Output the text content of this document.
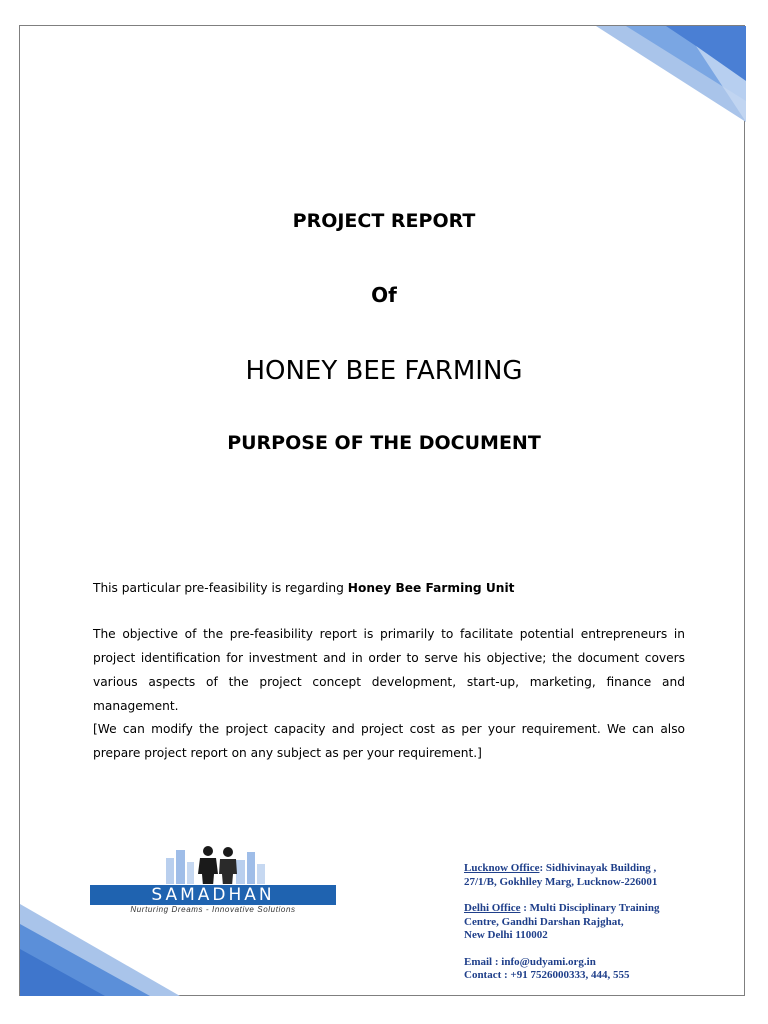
PROJECT REPORT
Of
HONEY BEE FARMING
PURPOSE OF THE DOCUMENT

This particular pre-feasibility is regarding Honey Bee Farming Unit

The objective of the pre-feasibility report is primarily to facilitate potential entrepreneurs in project identification for investment and in order to serve his objective; the document covers various aspects of the project concept development, start-up, marketing, finance and management.

[We can modify the project capacity and project cost as per your requirement. We can also prepare project report on any subject as per your requirement.]

SAMADHAN
Nurturing Dreams - Innovative Solutions
Lucknow Office: Sidhivinayak Building ,
27/1/B, Gokhlley Marg, Lucknow-226001
Delhi Office : Multi Disciplinary Training
Centre, Gandhi Darshan Rajghat,
New Delhi 110002
Email : info@udyami.org.in
Contact : +91 7526000333, 444, 555
